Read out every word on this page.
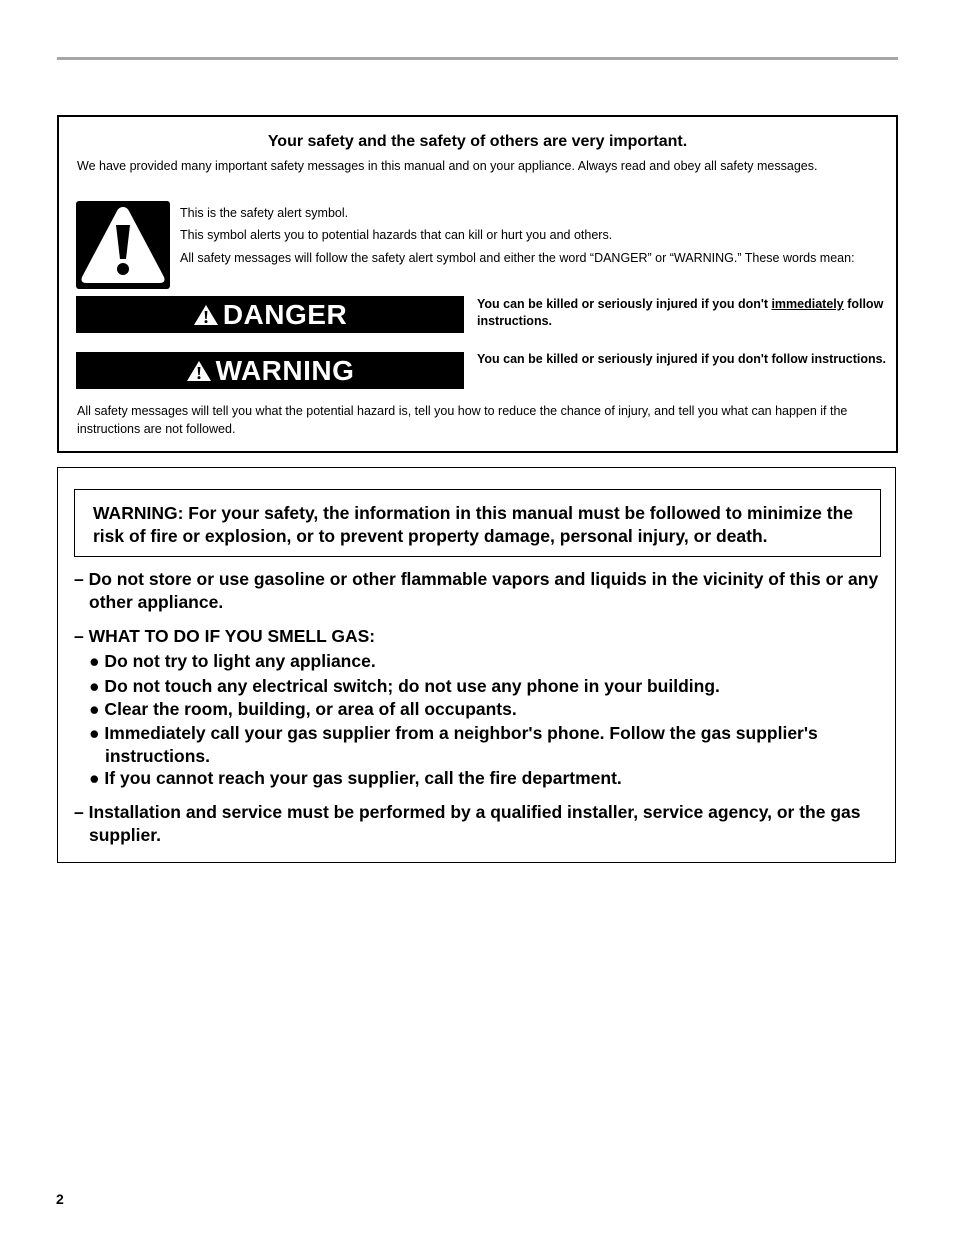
Your safety and the safety of others are very important.
We have provided many important safety messages in this manual and on your appliance. Always read and obey all safety messages.
This is the safety alert symbol.
This symbol alerts you to potential hazards that can kill or hurt you and others.
All safety messages will follow the safety alert symbol and either the word “DANGER” or “WARNING.” These words mean:
DANGER	You can be killed or seriously injured if you don't immediately follow instructions.
WARNING	You can be killed or seriously injured if you don't follow instructions.
All safety messages will tell you what the potential hazard is, tell you how to reduce the chance of injury, and tell you what can happen if the instructions are not followed.
WARNING: For your safety, the information in this manual must be followed to minimize the risk of fire or explosion, or to prevent property damage, personal injury, or death.
– Do not store or use gasoline or other flammable vapors and liquids in the vicinity of this or any other appliance.
– WHAT TO DO IF YOU SMELL GAS:
● Do not try to light any appliance.
● Do not touch any electrical switch; do not use any phone in your building.
● Clear the room, building, or area of all occupants.
● Immediately call your gas supplier from a neighbor's phone. Follow the gas supplier's instructions.
● If you cannot reach your gas supplier, call the fire department.
– Installation and service must be performed by a qualified installer, service agency, or the gas supplier.
2
